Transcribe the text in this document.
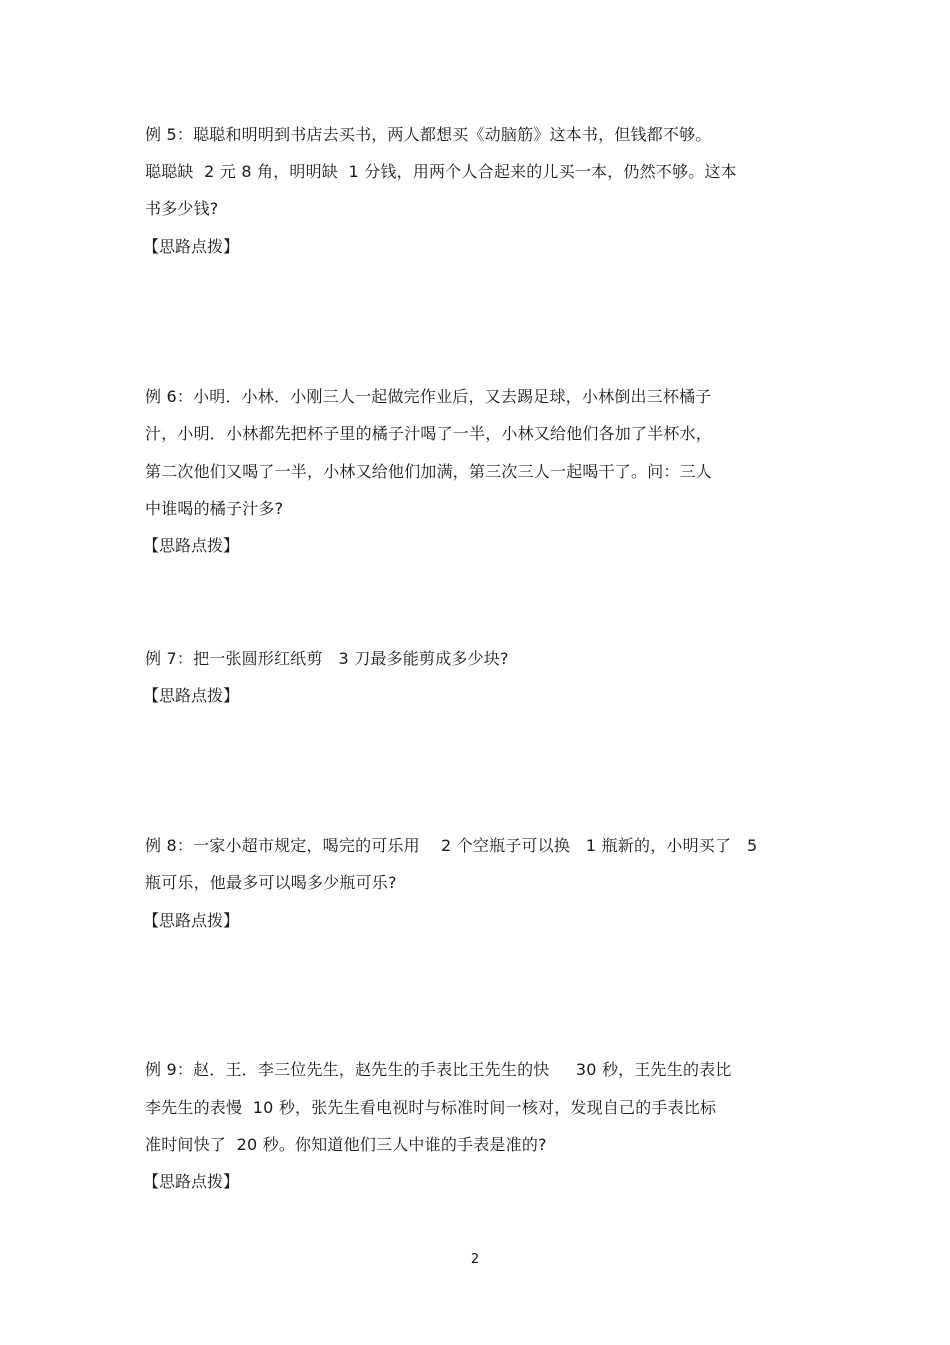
例 5：聪聪和明明到书店去买书，两人都想买《动脑筋》这本书，但钱都不够。
聪聪缺  2 元 8 角，明明缺  1 分钱，用两个人合起来的儿买一本，仍然不够。这本
书多少钱?
【思路点拨】
例 6：小明．小林．小刚三人一起做完作业后，又去踢足球，小林倒出三杯橘子
汁，小明．小林都先把杯子里的橘子汁喝了一半，小林又给他们各加了半杯水，
第二次他们又喝了一半，小林又给他们加满，第三次三人一起喝干了。问：三人
中谁喝的橘子汁多?
【思路点拨】
例 7：把一张圆形红纸剪   3 刀最多能剪成多少块?
【思路点拨】
例 8：一家小超市规定，喝完的可乐用    2 个空瓶子可以换   1 瓶新的，小明买了   5
瓶可乐，他最多可以喝多少瓶可乐?
【思路点拨】
例 9：赵．王．李三位先生，赵先生的手表比王先生的快     30 秒，王先生的表比
李先生的表慢  10 秒，张先生看电视时与标准时间一核对，发现自己的手表比标
准时间快了  20 秒。你知道他们三人中谁的手表是准的?
【思路点拨】
2
